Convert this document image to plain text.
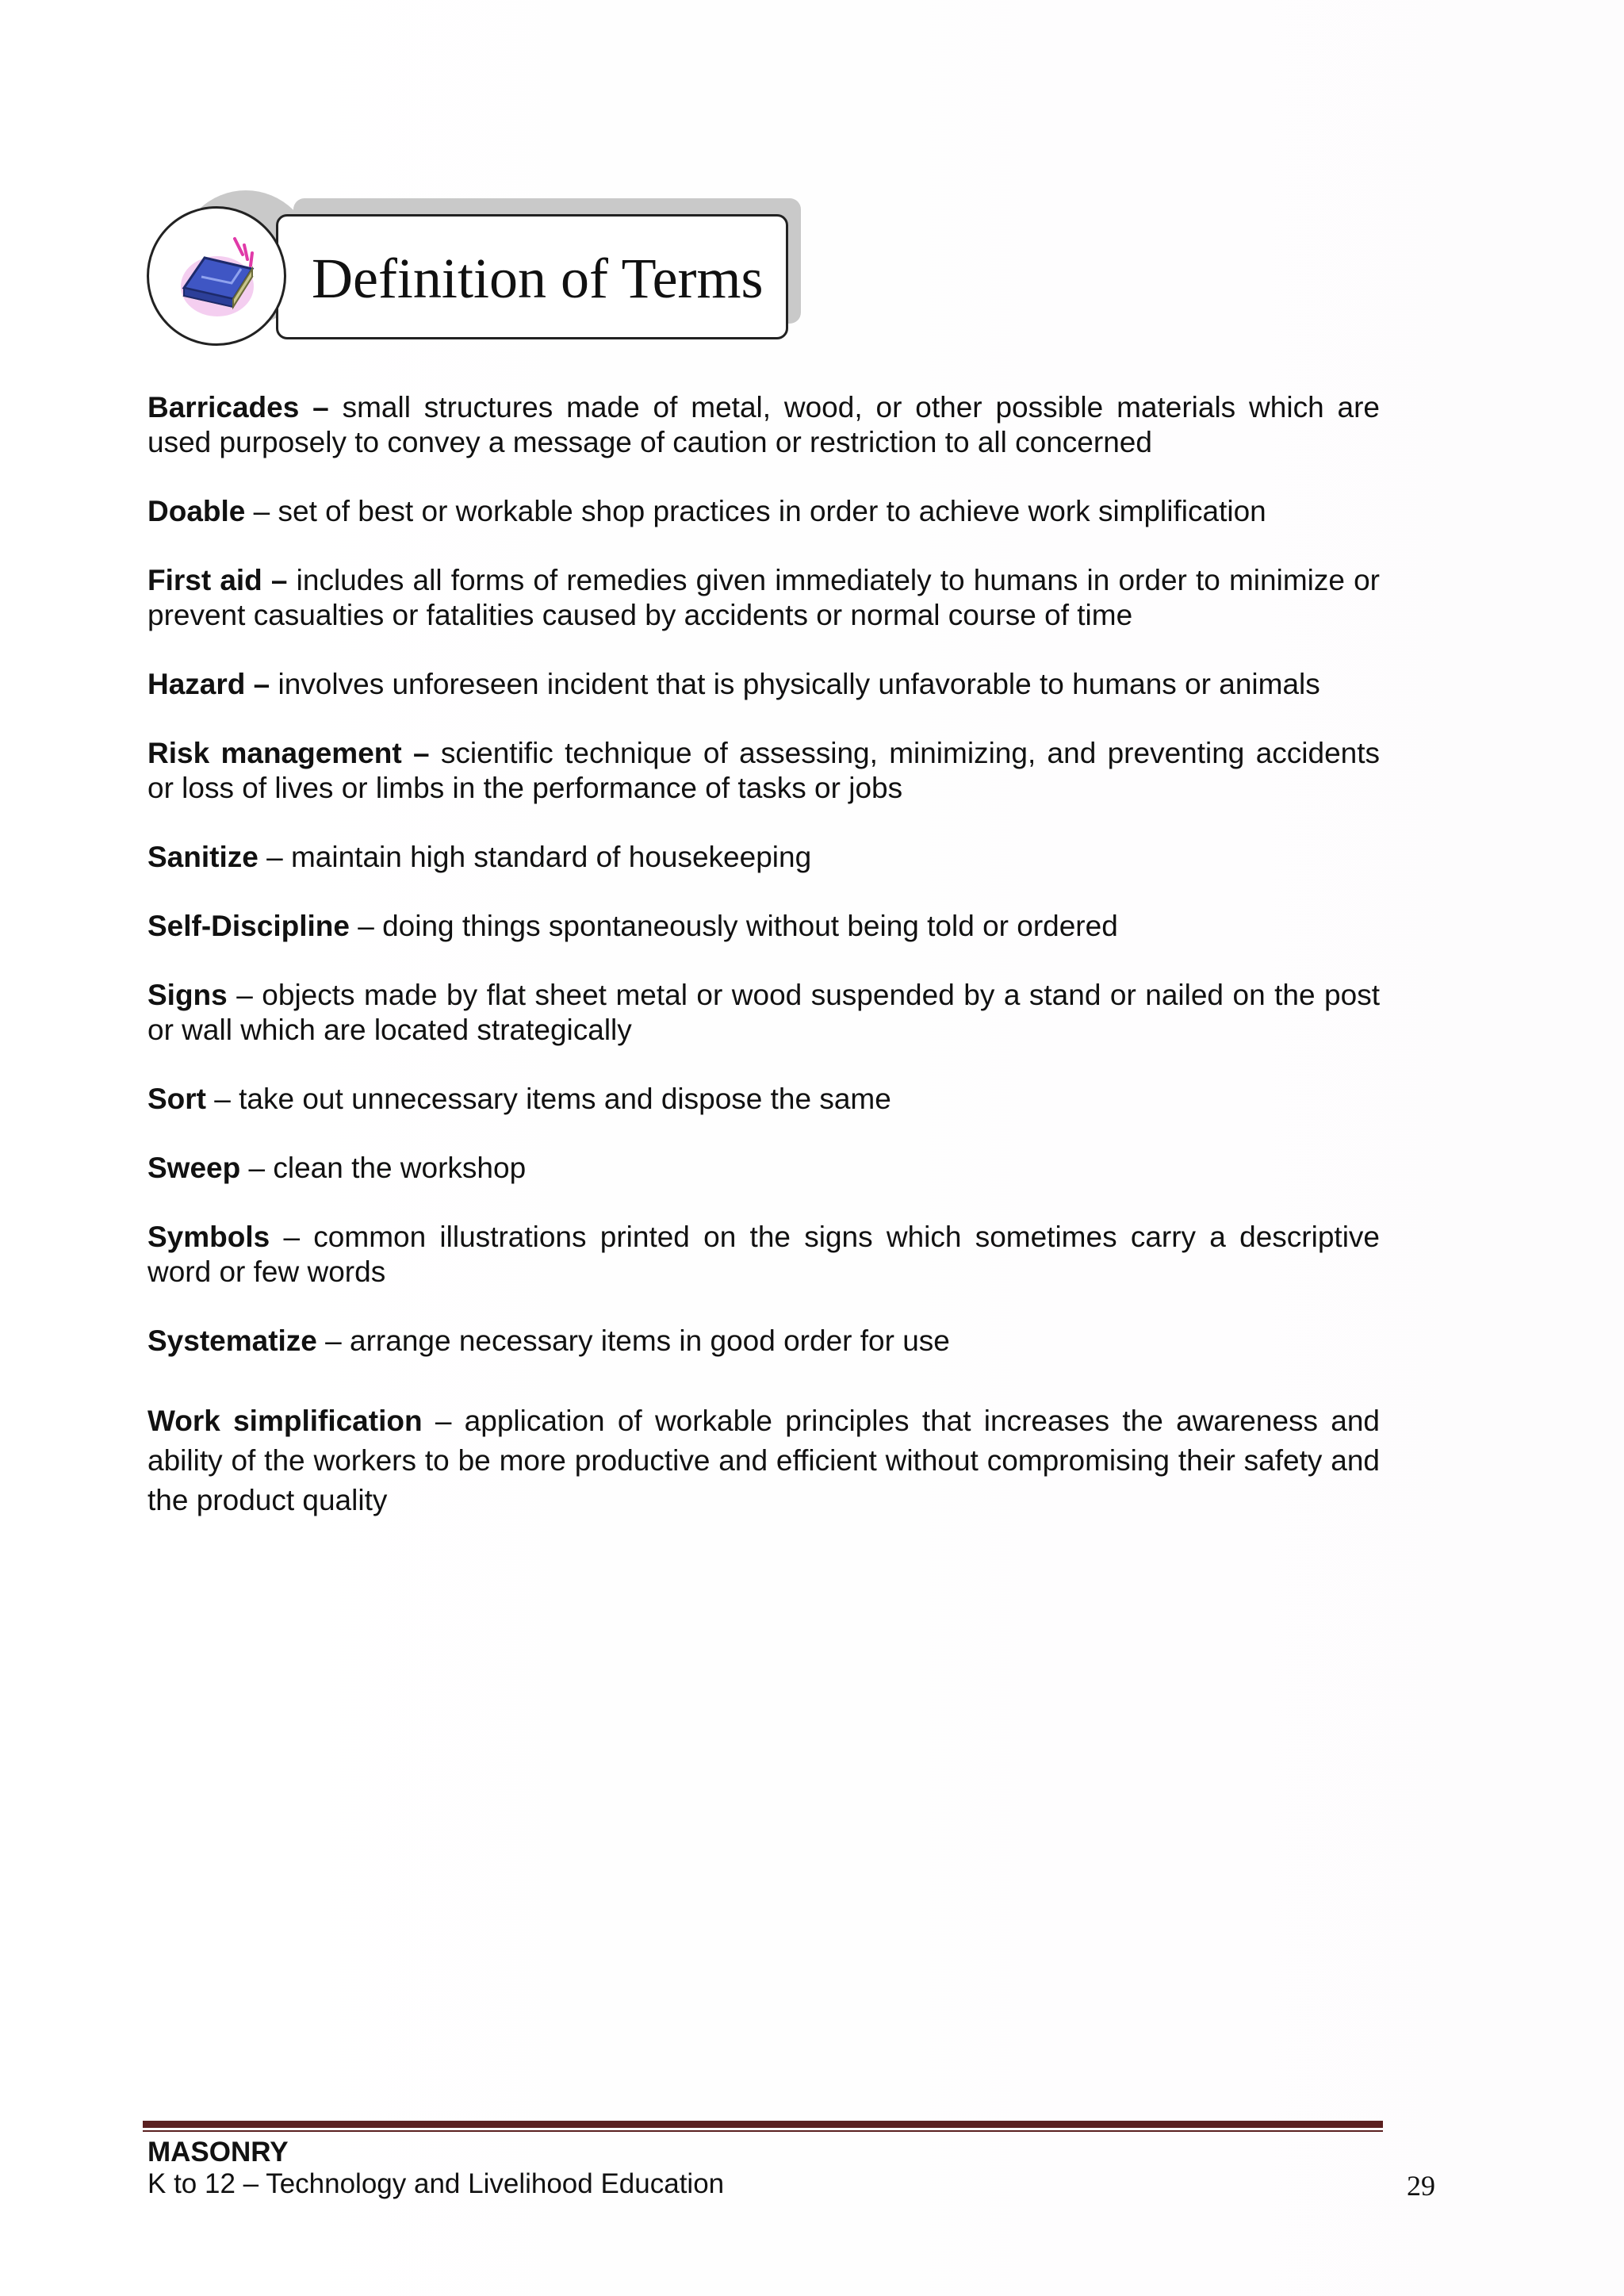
Definition of Terms

Barricades – small structures made of metal, wood, or other possible materials which are used purposely to convey a message of caution or restriction to all concerned

Doable – set of best or workable shop practices in order to achieve work simplification

First aid – includes all forms of remedies given immediately to humans in order to minimize or prevent casualties or fatalities caused by accidents or normal course of time

Hazard – involves unforeseen incident that is physically unfavorable to humans or animals

Risk management – scientific technique of assessing, minimizing, and preventing accidents or loss of lives or limbs in the performance of tasks or jobs

Sanitize – maintain high standard of housekeeping

Self-Discipline – doing things spontaneously without being told or ordered

Signs – objects made by flat sheet metal or wood suspended by a stand or nailed on the post or wall which are located strategically

Sort – take out unnecessary items and dispose the same

Sweep – clean the workshop

Symbols – common illustrations printed on the signs which sometimes carry a descriptive word or few words

Systematize – arrange necessary items in good order for use

Work simplification – application of workable principles that increases the awareness and ability of the workers to be more productive and efficient without compromising their safety and the product quality

MASONRY
K to 12 – Technology and Livelihood Education	29
